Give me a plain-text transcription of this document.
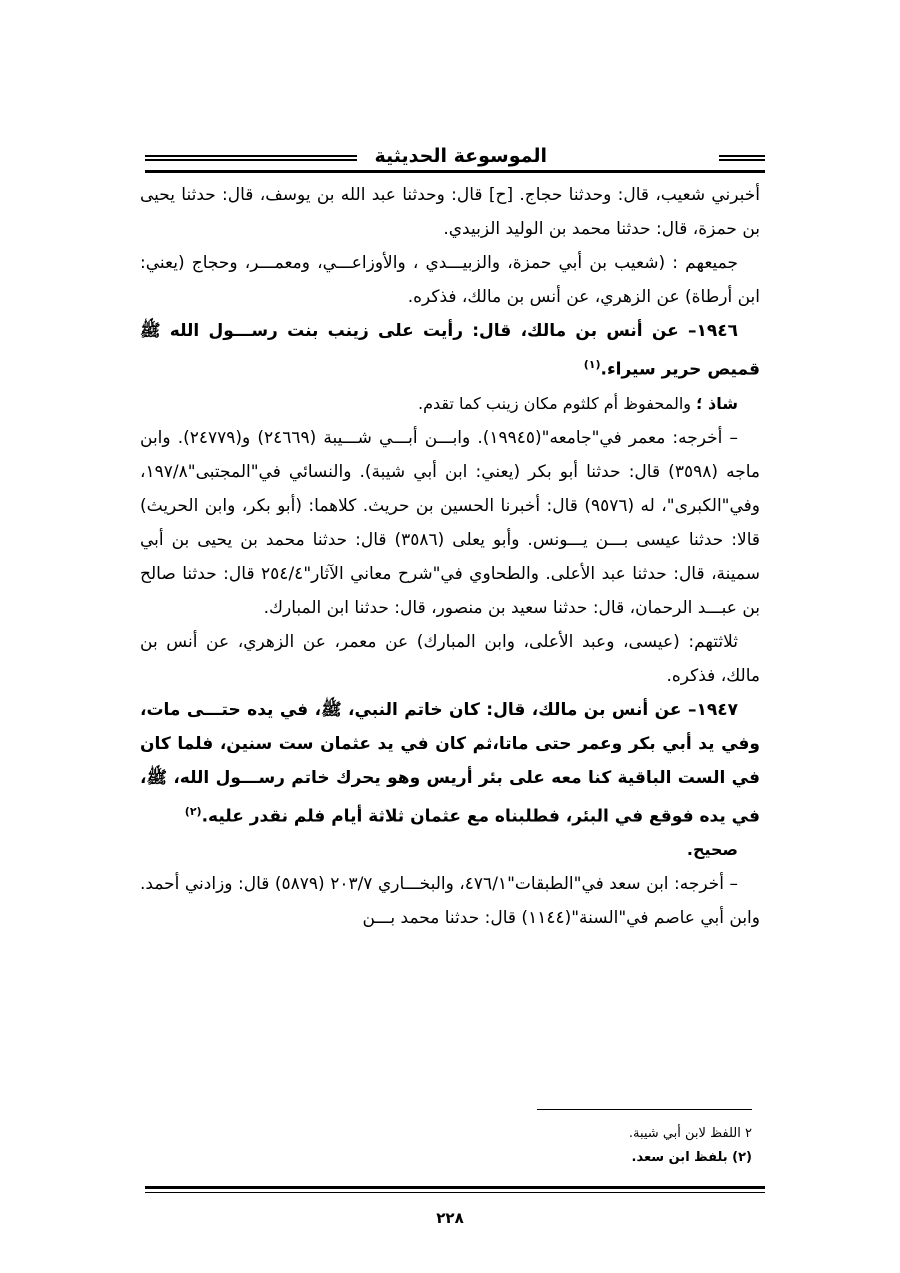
الموسوعة الحديثية

أخبرني شعيب، قال: وحدثنا حجاج. [ح] قال: وحدثنا عبد الله بن يوسف، قال: حدثنا يحيى بن حمزة، قال: حدثنا محمد بن الوليد الزبيدي.

جميعهم : (شعيب بن أبي حمزة، والزبيـــدي ، والأوزاعـــي، ومعمـــر، وحجاج (يعني: ابن أرطاة) عن الزهري، عن أنس بن مالك، فذكره.

١٩٤٦– عن أنس بن مالك، قال: رأيت على زينب بنت رســـول الله ﷺ قميص حرير سيراء.$^{(١)}$

شاذ ؛ والمحفوظ أم كلثوم مكان زينب كما تقدم.

– أخرجه: معمر في"جامعه"(١٩٩٤٥). وابـــن أبـــي شـــيبة (٢٤٦٦٩) و(٢٤٧٧٩). وابن ماجه (٣٥٩٨) قال: حدثنا أبو بكر (يعني: ابن أبي شيبة). والنسائي في"المجتبى"١٩٧/٨، وفي"الكبرى"، له (٩٥٧٦) قال: أخبرنا الحسين بن حريث. كلاهما: (أبو بكر، وابن الحريث) قالا: حدثنا عيسى بـــن يـــونس. وأبو يعلى (٣٥٨٦) قال: حدثنا محمد بن يحيى بن أبي سمينة، قال: حدثنا عبد الأعلى. والطحاوي في"شرح معاني الآثار"٢٥٤/٤ قال: حدثنا صالح بن عبـــد الرحمان، قال: حدثنا سعيد بن منصور، قال: حدثنا ابن المبارك.

ثلاثتهم: (عيسى، وعبد الأعلى، وابن المبارك) عن معمر، عن الزهري، عن أنس بن مالك، فذكره.

١٩٤٧– عن أنس بن مالك، قال: كان خاتم النبي، ﷺ، في يده حتـــى مات، وفي يد أبي بكر وعمر حتى ماتا،ثم كان في يد عثمان ست سنين، فلما كان في الست الباقية كنا معه على بئر أريس وهو يحرك خاتم رســـول الله، ﷺ، في يده فوقع في البئر، فطلبناه مع عثمان ثلاثة أيام فلم نقدر عليه.$^{(٢)}$

صحيح.

– أخرجه: ابن سعد في"الطبقات"٤٧٦/١، والبخـــاري ٢٠٣/٧ (٥٨٧٩) قال: وزادني أحمد. وابن أبي عاصم في"السنة"(١١٤٤) قال: حدثنا محمد بـــن

٢ اللفظ لابن أبي شيبة.

(٢) بلفظ ابن سعد.

٢٢٨
